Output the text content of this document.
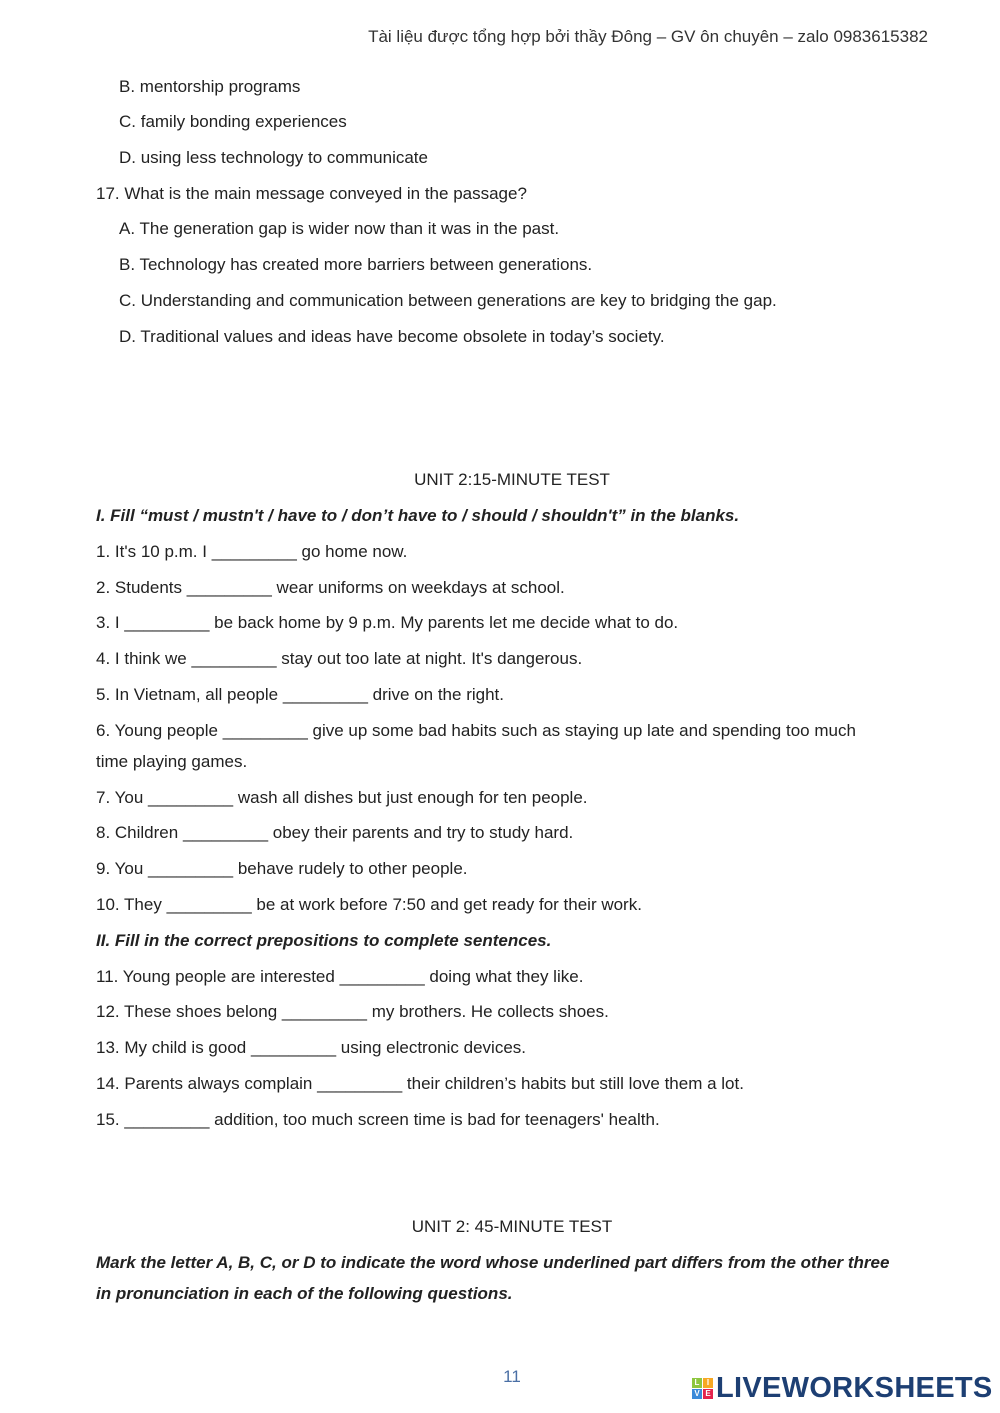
Tài liệu được tổng hợp bởi thầy Đông – GV ôn chuyên – zalo 0983615382
B. mentorship programs
C. family bonding experiences
D. using less technology to communicate
17. What is the main message conveyed in the passage?
A. The generation gap is wider now than it was in the past.
B. Technology has created more barriers between generations.
C. Understanding and communication between generations are key to bridging the gap.
D. Traditional values and ideas have become obsolete in today’s society.
UNIT 2:15-MINUTE TEST
I. Fill “must / mustn't / have to / don’t have to / should / shouldn't” in the blanks.
1. It's 10 p.m. I _________ go home now.
2. Students _________ wear uniforms on weekdays at school.
3. I _________ be back home by 9 p.m. My parents let me decide what to do.
4. I think we _________ stay out too late at night. It's dangerous.
5. In Vietnam, all people _________ drive on the right.
6. Young people _________ give up some bad habits such as staying up late and spending too much
time playing games.
7. You _________ wash all dishes but just enough for ten people.
8. Children _________ obey their parents and try to study hard.
9. You _________ behave rudely to other people.
10. They _________ be at work before 7:50 and get ready for their work.
II. Fill in the correct prepositions to complete sentences.
11. Young people are interested _________ doing what they like.
12. These shoes belong _________ my brothers. He collects shoes.
13. My child is good _________ using electronic devices.
14. Parents always complain _________ their children’s habits but still love them a lot.
15. _________ addition, too much screen time is bad for teenagers' health.
UNIT 2: 45-MINUTE TEST
Mark the letter A, B, C, or D to indicate the word whose underlined part differs from the other three
in pronunciation in each of the following questions.
11	L I
V E LIVEWORKSHEETS
